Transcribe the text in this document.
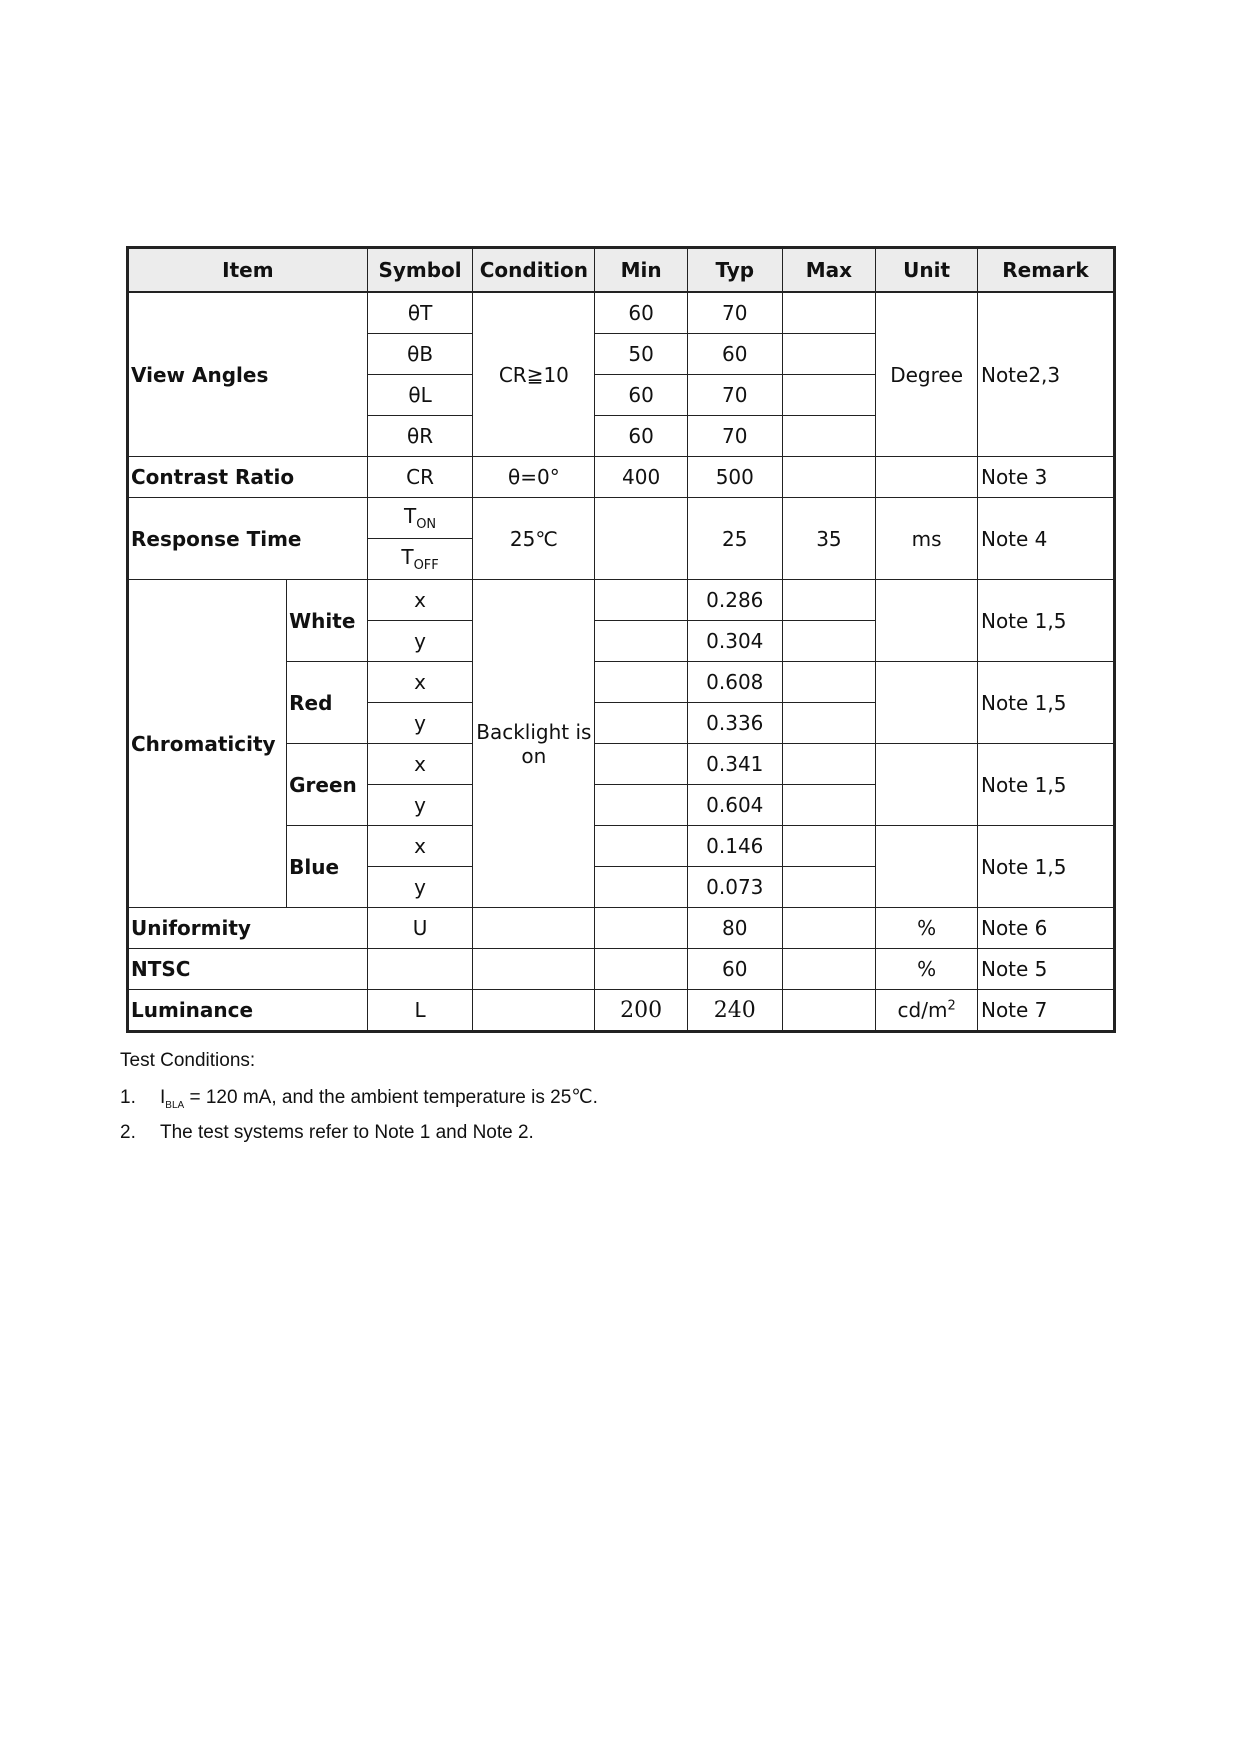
Item		Symbol	Condition	Min	Typ	Max	Unit	Remark
View Angles		θT	CR≧10	60	70		Degree	Note2,3
		θB		50	60			
		θL		60	70			
		θR		60	70			
Contrast Ratio		CR	θ=0°	400	500			Note 3
Response Time		$T_{ON}$	25℃		25	35	ms	Note 4
		$T_{OFF}$
Chromaticity	White	x	Backlight is on		0.286			Note 1,5
		y			0.304			
	Red	x			0.608			Note 1,5
		y			0.336			
	Green	x			0.341			Note 1,5
		y			0.604			
	Blue	x			0.146			Note 1,5
		y			0.073			
Uniformity		U			80		%	Note 6
NTSC					60		%	Note 5
Luminance		L		200	240		$cd/m^2$	Note 7
Test Conditions:
1. $I_{BLA} = 120$ mA, and the ambient temperature is 25℃.
2. The test systems refer to Note 1 and Note 2.
